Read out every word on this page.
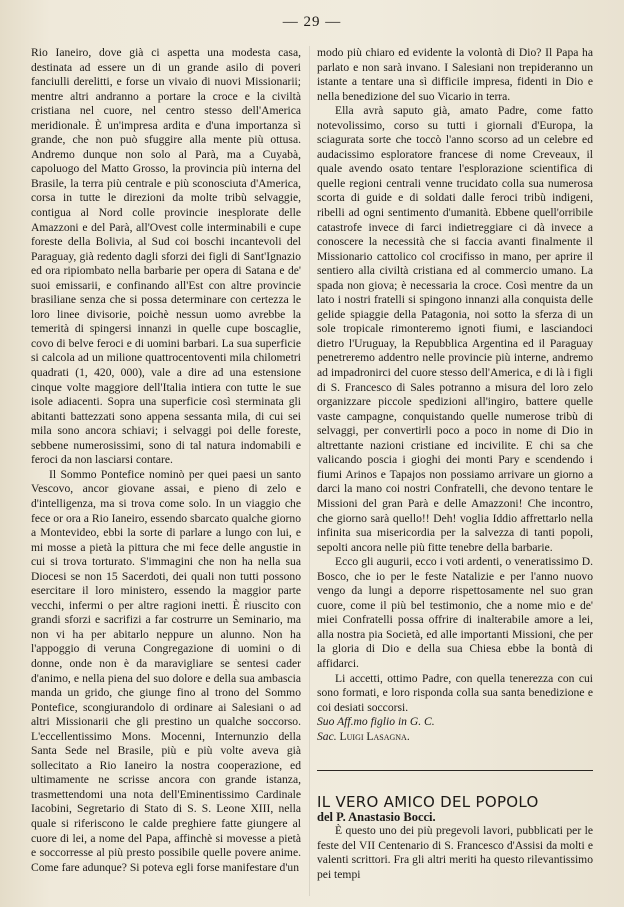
— 29 —

Rio Ianeiro, dove già ci aspetta una modesta casa, destinata ad essere un di un grande asilo di poveri fanciulli derelitti, e forse un vivaio di nuovi Missionarii; mentre altri andranno a portare la croce e la civiltà cristiana nel cuore, nel centro stesso dell'America meridionale. È un'impresa ardita e d'una importanza sì grande, che non può sfuggire alla mente più ottusa. Andremo dunque non solo al Parà, ma a Cuyabà, capoluogo del Matto Grosso, la provincia più interna del Brasile, la terra più centrale e più sconosciuta d'America, corsa in tutte le direzioni da molte tribù selvaggie, contigua al Nord colle provincie inesplorate delle Amazzoni e del Parà, all'Ovest colle interminabili e cupe foreste della Bolivia, al Sud coi boschi incantevoli del Paraguay, già redento dagli sforzi dei figli di Sant'Ignazio ed ora ripiombato nella barbarie per opera di Satana e de' suoi emissarii, e confinando all'Est con altre provincie brasiliane senza che si possa determinare con certezza le loro linee divisorie, poichè nessun uomo avrebbe la temerità di spingersi innanzi in quelle cupe boscaglie, covo di belve feroci e di uomini barbari. La sua superficie si calcola ad un milione quattrocentoventi mila chilometri quadrati (1, 420, 000), vale a dire ad una estensione cinque volte maggiore dell'Italia intiera con tutte le sue isole adiacenti. Sopra una superficie così sterminata gli abitanti battezzati sono appena sessanta mila, di cui sei mila sono ancora schiavi; i selvaggi poi delle foreste, sebbene numerosissimi, sono di tal natura indomabili e feroci da non lasciarsi contare.

Il Sommo Pontefice nominò per quei paesi un santo Vescovo, ancor giovane assai, e pieno di zelo e d'intelligenza, ma si trova come solo. In un viaggio che fece or ora a Rio Ianeiro, essendo sbarcato qualche giorno a Montevideo, ebbi la sorte di parlare a lungo con lui, e mi mosse a pietà la pittura che mi fece delle angustie in cui si trova torturato. S'immagini che non ha nella sua Diocesi se non 15 Sacerdoti, dei quali non tutti possono esercitare il loro ministero, essendo la maggior parte vecchi, infermi o per altre ragioni inetti. È riuscito con grandi sforzi e sacrifizi a far costrurre un Seminario, ma non vi ha per abitarlo neppure un alunno. Non ha l'appoggio di veruna Congregazione di uomini o di donne, onde non è da maravigliare se sentesi cader d'animo, e nella piena del suo dolore e della sua ambascia manda un grido, che giunge fino al trono del Sommo Pontefice, scongiurandolo di ordinare ai Salesiani o ad altri Missionarii che gli prestino un qualche soccorso. L'eccellentissimo Mons. Mocenni, Internunzio della Santa Sede nel Brasile, più e più volte aveva già sollecitato a Rio Ianeiro la nostra cooperazione, ed ultimamente ne scrisse ancora con grande istanza, trasmettendomi una nota dell'Eminentissimo Cardinale Iacobini, Segretario di Stato di S. S. Leone XIII, nella quale si riferiscono le calde preghiere fatte giungere al cuore di lei, a nome del Papa, affinchè si movesse a pietà e soccorresse al più presto possibile quelle povere anime. Come fare adunque? Si poteva egli forse manifestare d'un

modo più chiaro ed evidente la volontà di Dio? Il Papa ha parlato e non sarà invano. I Salesiani non trepideranno un istante a tentare una sì difficile impresa, fidenti in Dio e nella benedizione del suo Vicario in terra.

Ella avrà saputo già, amato Padre, come fatto notevolissimo, corso su tutti i giornali d'Europa, la sciagurata sorte che toccò l'anno scorso ad un celebre ed audacissimo esploratore francese di nome Creveaux, il quale avendo osato tentare l'esplorazione scientifica di quelle regioni centrali venne trucidato colla sua numerosa scorta di guide e di soldati dalle feroci tribù indigeni, ribelli ad ogni sentimento d'umanità. Ebbene quell'orribile catastrofe invece di farci indietreggiare ci dà invece a conoscere la necessità che si faccia avanti finalmente il Missionario cattolico col crocifisso in mano, per aprire il sentiero alla civiltà cristiana ed al commercio umano. La spada non giova; è necessaria la croce. Così mentre da un lato i nostri fratelli si spingono innanzi alla conquista delle gelide spiaggie della Patagonia, noi sotto la sferza di un sole tropicale rimonteremo ignoti fiumi, e lasciandoci dietro l'Uruguay, la Repubblica Argentina ed il Paraguay penetreremo addentro nelle provincie più interne, andremo ad impadronirci del cuore stesso dell'America, e di là i figli di S. Francesco di Sales potranno a misura del loro zelo organizzare piccole spedizioni all'ingiro, battere quelle vaste campagne, conquistando quelle numerose tribù di selvaggi, per convertirli poco a poco in nome di Dio in altrettante nazioni cristiane ed incivilite. E chi sa che valicando poscia i gioghi dei monti Pary e scendendo i fiumi Arinos e Tapajos non possiamo arrivare un giorno a darci la mano coi nostri Confratelli, che devono tentare le Missioni del gran Parà e delle Amazzoni! Che incontro, che giorno sarà quello!! Deh! voglia Iddio affrettarlo nella infinita sua misericordia per la salvezza di tanti popoli, sepolti ancora nelle più fitte tenebre della barbarie.

Ecco gli augurii, ecco i voti ardenti, o veneratissimo D. Bosco, che io per le feste Natalizie e per l'anno nuovo vengo da lungi a deporre rispettosamente nel suo gran cuore, come il più bel testimonio, che a nome mio e de' miei Confratelli possa offrire di inalterabile amore a lei, alla nostra pia Società, ed alle importanti Missioni, che per la gloria di Dio e della sua Chiesa ebbe la bontà di affidarci.

Li accetti, ottimo Padre, con quella tenerezza con cui sono formati, e loro risponda colla sua santa benedizione e coi desiati soccorsi.

Suo Aff.mo figlio in G. C.

Sac. Luigi Lasagna.

IL VERO AMICO DEL POPOLO

del P. Anastasio Bocci.

È questo uno dei più pregevoli lavori, pubblicati per le feste del VII Centenario di S. Francesco d'Assisi da molti e valenti scrittori. Fra gli altri meriti ha questo rilevantissimo pei tempi
